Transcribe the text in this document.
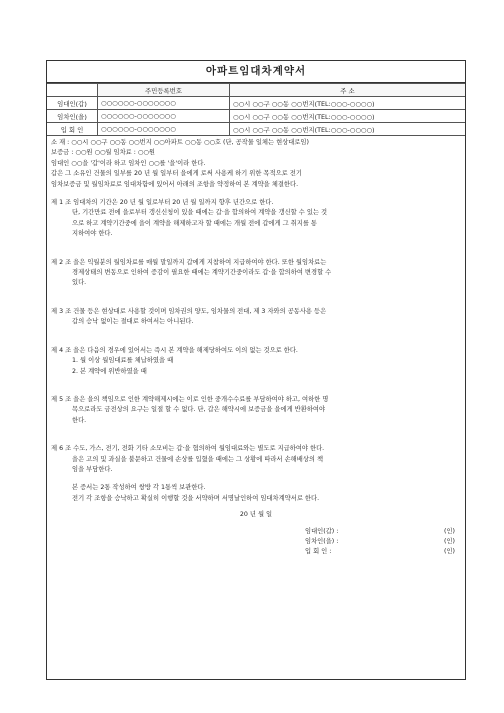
아파트임대차계약서
	주민등록번호	주 소
임대인(갑)	○○○○○○-○○○○○○○	○○시 ○○구 ○○동 ○○번지(TEL:○○○-○○○○)
임차인(을)	○○○○○○-○○○○○○○	○○시 ○○구 ○○동 ○○번지(TEL:○○○-○○○○)
입 회 인	○○○○○○-○○○○○○○	○○시 ○○구 ○○동 ○○번지(TEL:○○○-○○○○)

소 재 : ○○시 ○○구 ○○동 ○○번지 ○○아파트 ○○동 ○○호 (단, 공작물 일체는 현상대로임)

보증금 : ○○원 ○○월 임차료 : ○○원

임대인 ○○을 '갑'이라 하고 임차인 ○○를 '을'이라 한다.

갑은 그 소유인 건물의 일부를 20 년 월 일부터 을에게 로써 사용케 하기 위한 목적으로 전기

임차보증금 및 월임차료로 임대차함에 있어서 아래의 조항을 약정하여 본 계약을 체결한다.

제 1 조 임대차의 기간은 20 년 월 일로부터 20 년 월 일까지 향후 년간으로 한다.

단, 기간만료 전에 을로부터 갱신신청이 있을 때에는 갑·을 합의하여 계약을 갱신할 수 있는 것

으로 하고 계약기간중에 을이 계약을 해제하고자 할 때에는 개월 전에 갑에게 그 취지를 통

지하여야 한다.

제 2 조 을은 익월분의 월임차료를 매월 말일까지 갑에게 지참하여 지급하여야 한다. 또한 월임차료는

경제상태의 변동으로 인하여 증감이 필요한 때에는 계약기간중이라도 갑·을 합의하여 변경할 수

있다.

제 3 조 건물 등은 현상대로 사용할 것이며 임차권의 양도, 임차물의 전대, 제 3 자와의 공동사용 등은

갑의 승낙 없이는 절대로 하여서는 아니된다.

제 4 조 을은 다음의 경우에 있어서는 즉시 본 계약을 해제당하여도 이의 없는 것으로 한다.

1. 월 이상 월임대료를 체납하였을 때

2. 본 계약에 위반하였을 때

제 5 조 을은 을의 책임으로 인한 계약해제시에는 이로 인한 중개수수료를 부담하여야 하고, 여하한 명

목으로라도 금전상의 요구는 일절 할 수 없다. 단, 갑은 해약시에 보증금을 을에게 반환하여야

한다.

제 6 조 수도, 가스, 전기, 전화 기타 소모비는 갑·을 협의하여 월임대료와는 별도로 지급하여야 한다.

을은 고의 및 과실을 불문하고 건물에 손상를 입혔을 때에는 그 상황에 따라서 손해배상의 책

임을 부담한다.

본 증서는 2통 작성하여 쌍방 각 1통씩 보관한다.

전기 각 조항을 승낙하고 확실히 이행할 것을 서약하며 서명날인하여 임대차계약서로 한다.

20 년 월 일
임대인(갑) :	(인)
임차인(을) :	(인)
입 회 인 :	(인)
